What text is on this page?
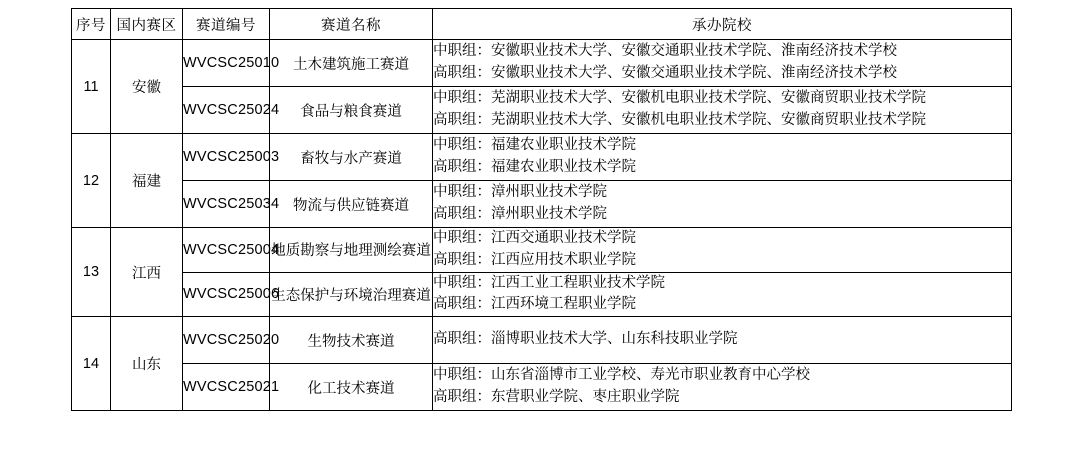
序号	国内赛区	赛道编号	赛道名称	承办院校
11	安徽	WVCSC25010	土木建筑施工赛道	中职组：安徽职业技术大学、安徽交通职业技术学院、淮南经济技术学校
高职组：安徽职业技术大学、安徽交通职业技术学院、淮南经济技术学校

		WVCSC25024	食品与粮食赛道	中职组：芜湖职业技术大学、安徽机电职业技术学院、安徽商贸职业技术学院
高职组：芜湖职业技术大学、安徽机电职业技术学院、安徽商贸职业技术学院

12	福建	WVCSC25003	畜牧与水产赛道	中职组：福建农业职业技术学院
高职组：福建农业职业技术学院

		WVCSC25034	物流与供应链赛道	中职组：漳州职业技术学院
高职组：漳州职业技术学院

13	江西	WVCSC25004	地质勘察与地理测绘赛道	中职组：江西交通职业技术学院
高职组：江西应用技术职业学院

		WVCSC25006	生态保护与环境治理赛道	中职组：江西工业工程职业技术学院
高职组：江西环境工程职业学院

14	山东	WVCSC25020	生物技术赛道	高职组：淄博职业技术大学、山东科技职业学院

		WVCSC25021	化工技术赛道	中职组：山东省淄博市工业学校、寿光市职业教育中心学校
高职组：东营职业学院、枣庄职业学院
